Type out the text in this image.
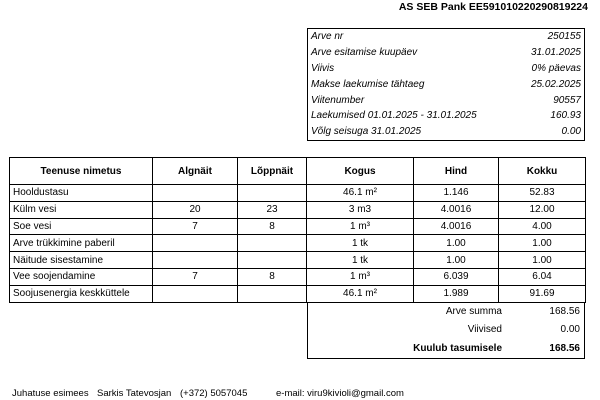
AS SEB Pank EE591010220290819224
Arve nr	250155
Arve esitamise kuupäev	31.01.2025
Viivis	0% päevas
Makse laekumise tähtaeg	25.02.2025
Viitenumber	90557
Laekumised 01.01.2025 - 31.01.2025	160.93
Võlg seisuga 31.01.2025	0.00
Teenuse nimetus	Algnäit	Lõppnäit	Kogus	Hind	Kokku
Hooldustasu			46.1 m²	1.146	52.83
Külm vesi	20	23	3 m3	4.0016	12.00
Soe vesi	7	8	1 m³	4.0016	4.00
Arve trükkimine paberil			1 tk	1.00	1.00
Näitude sisestamine			1 tk	1.00	1.00
Vee soojendamine	7	8	1 m³	6.039	6.04
Soojusenergia keskküttele			46.1 m²	1.989	91.69
Arve summa	168.56
Viivised	0.00
Kuulub tasumisele	168.56
Juhatuse esimees Sarkis Tatevosjan (+372) 5057045	e-mail: viru9kivioli@gmail.com
